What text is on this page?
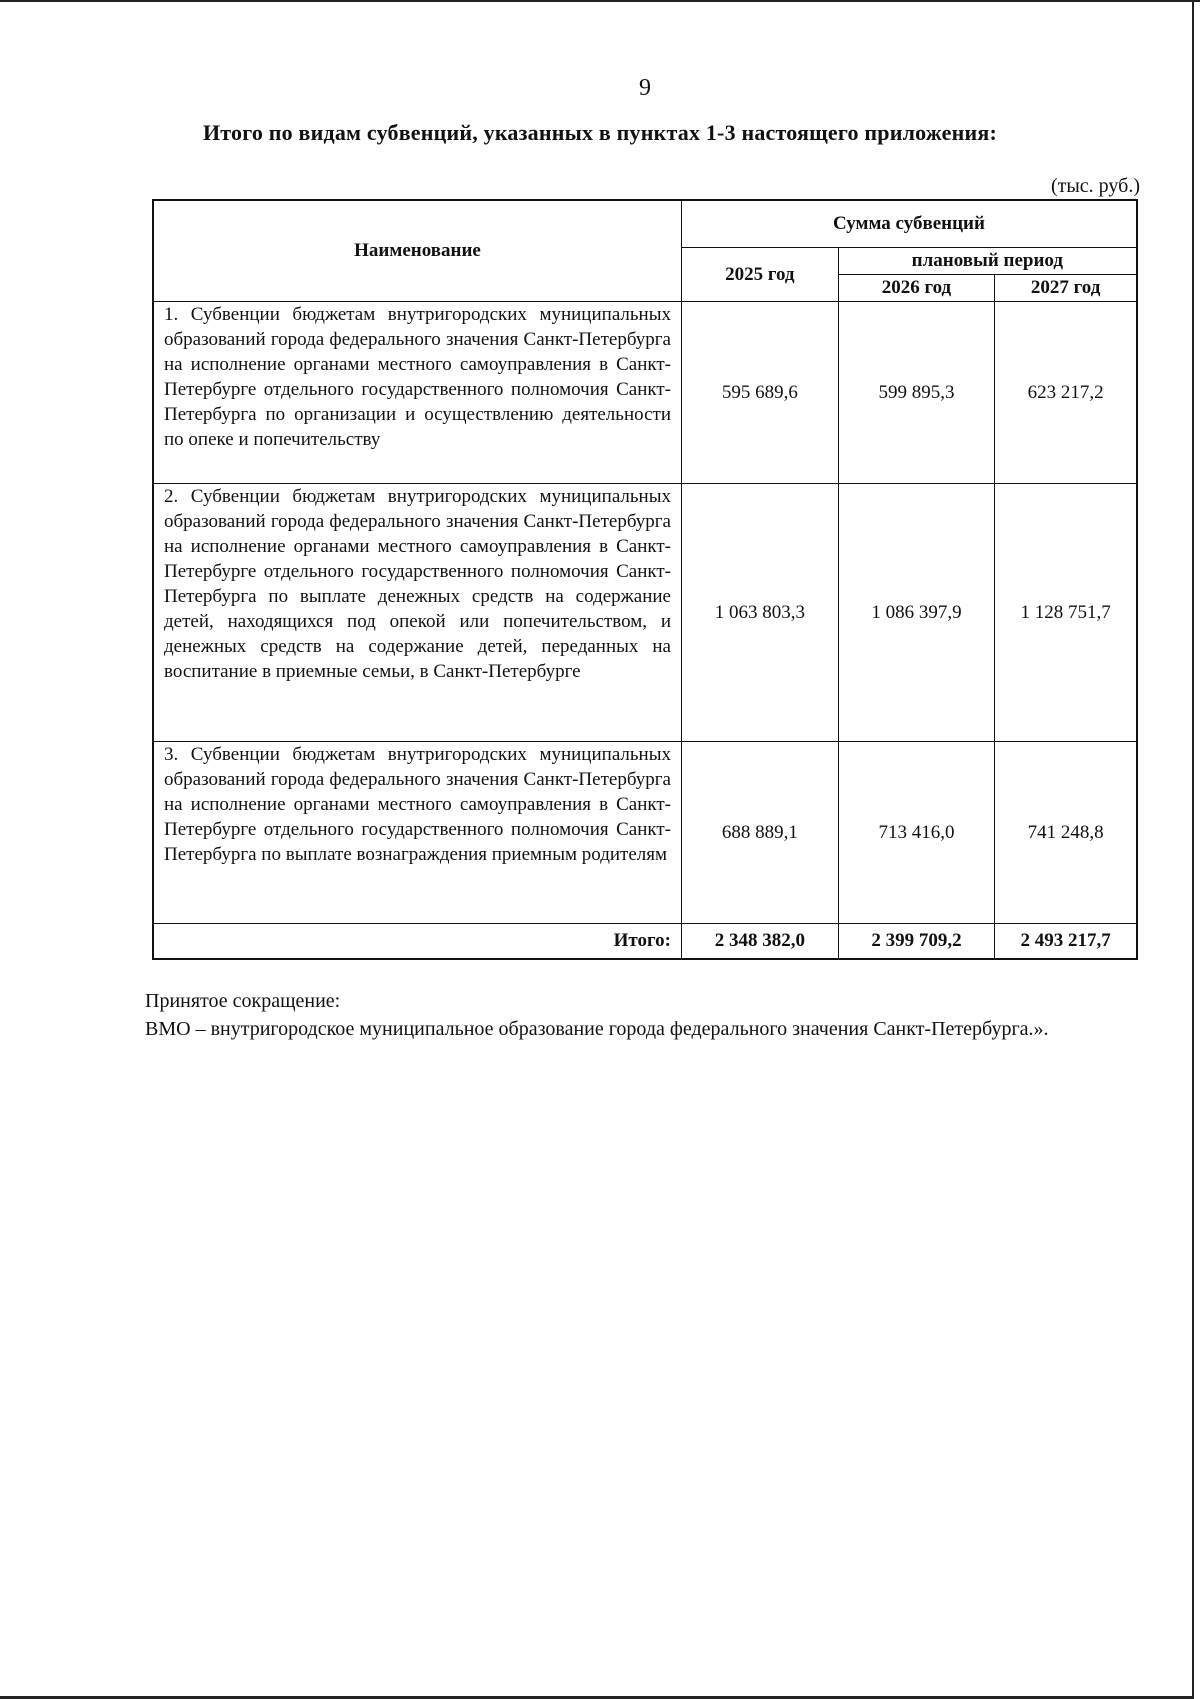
9
Итого по видам субвенций, указанных в пунктах 1-3 настоящего приложения:
(тыс. руб.)
Наименование	Сумма субвенций		
	2025 год	плановый период	
		2026 год	2027 год
1. Субвенции бюджетам внутригородских муниципальных образований города федерального значения Санкт-Петербурга на исполнение органами местного самоуправления в Санкт-Петербурге отдельного государственного полномочия Санкт-Петербурга по организации и осуществлению деятельности по опеке и попечительству	595 689,6	599 895,3	623 217,2
2. Субвенции бюджетам внутригородских муниципальных образований города федерального значения Санкт-Петербурга на исполнение органами местного самоуправления в Санкт-Петербурге отдельного государственного полномочия Санкт-Петербурга по выплате денежных средств на содержание детей, находящихся под опекой или попечительством, и денежных средств на содержание детей, переданных на воспитание в приемные семьи, в Санкт-Петербурге	1 063 803,3	1 086 397,9	1 128 751,7
3. Субвенции бюджетам внутригородских муниципальных образований города федерального значения Санкт-Петербурга на исполнение органами местного самоуправления в Санкт-Петербурге отдельного государственного полномочия Санкт-Петербурга по выплате вознаграждения приемным родителям	688 889,1	713 416,0	741 248,8
Итого:	2 348 382,0	2 399 709,2	2 493 217,7
Принятое сокращение:
ВМО – внутригородское муниципальное образование города федерального значения Санкт-Петербурга.».
